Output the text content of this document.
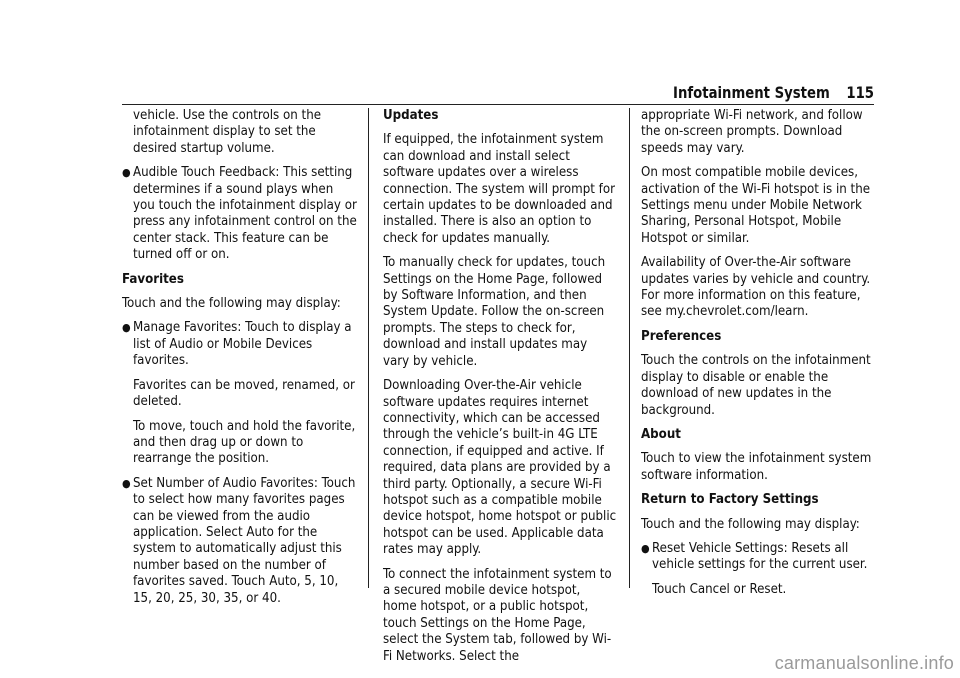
Infotainment System 115

vehicle. Use the controls on the infotainment display to set the desired startup volume.

● Audible Touch Feedback: This setting determines if a sound plays when you touch the infotainment display or press any infotainment control on the center stack. This feature can be turned off or on.
Favorites

Touch and the following may display:

● Manage Favorites: Touch to display a list of Audio or Mobile Devices favorites.

Favorites can be moved, renamed, or deleted.

To move, touch and hold the favorite, and then drag up or down to rearrange the position.

● Set Number of Audio Favorites: Touch to select how many favorites pages can be viewed from the audio application. Select Auto for the system to automatically adjust this number based on the number of favorites saved. Touch Auto, 5, 10, 15, 20, 25, 30, 35, or 40.
Updates

If equipped, the infotainment system can download and install select software updates over a wireless connection. The system will prompt for certain updates to be downloaded and installed. There is also an option to check for updates manually.

To manually check for updates, touch Settings on the Home Page, followed by Software Information, and then System Update. Follow the on-screen prompts. The steps to check for, download and install updates may vary by vehicle.

Downloading Over-the-Air vehicle software updates requires internet connectivity, which can be accessed through the vehicle’s built-in 4G LTE connection, if equipped and active. If required, data plans are provided by a third party. Optionally, a secure Wi-Fi hotspot such as a compatible mobile device hotspot, home hotspot or public hotspot can be used. Applicable data rates may apply.

To connect the infotainment system to a secured mobile device hotspot, home hotspot, or a public hotspot, touch Settings on the Home Page, select the System tab, followed by Wi-Fi Networks. Select the

appropriate Wi-Fi network, and follow the on-screen prompts. Download speeds may vary.

On most compatible mobile devices, activation of the Wi-Fi hotspot is in the Settings menu under Mobile Network Sharing, Personal Hotspot, Mobile Hotspot or similar.

Availability of Over-the-Air software updates varies by vehicle and country. For more information on this feature, see my.chevrolet.com/learn.

Preferences

Touch the controls on the infotainment display to disable or enable the download of new updates in the background.

About

Touch to view the infotainment system software information.

Return to Factory Settings

Touch and the following may display:

● Reset Vehicle Settings: Resets all vehicle settings for the current user.

Touch Cancel or Reset.

carmanualsonline.info
